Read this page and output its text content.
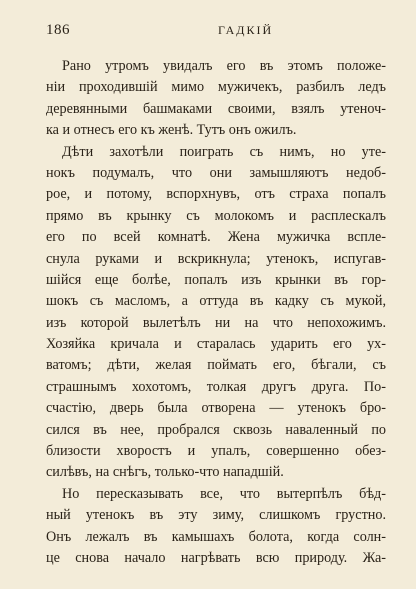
186	ГАДКІЙ
Рано утромъ увидалъ его въ этомъ положе-
ніи проходившій мимо мужичекъ, разбилъ ледъ
деревянными башмаками своими, взялъ утеноч-
ка и отнесъ его къ женѣ. Тутъ онъ ожилъ.
Дѣти захотѣли поиграть съ нимъ, но утe-
нокъ подумалъ, что они замышляютъ недоб-
рое, и потому, вспорхнувъ, отъ страха попалъ
прямо въ крынку съ молокомъ и расплескалъ
его по всей комнатѣ. Жена мужичка всплe-
снула руками и вскрикнула; утенокъ, испугав-
шійся еще болѣе, попалъ изъ крынки въ гор-
шокъ съ масломъ, а оттуда въ кадку съ мукой,
изъ которой вылетѣлъ ни на что непохожимъ.
Хозяйка кричала и старалась ударить его ух-
ватомъ; дѣти, желая поймать его, бѣгали, съ
страшнымъ хохотомъ, толкая другъ друга. По-
счастію, дверь была отворена — утенокъ бро-
сился въ нее, пробрался сквозь наваленный по
близости хворостъ и упалъ, совершенно обез-
силѣвъ, на снѣгъ, только-что нападшій.
Но пересказывать все, что вытерпѣлъ бѣд-
ный утенокъ въ эту зиму, слишкомъ грустно.
Онъ лежалъ въ камышахъ болота, когда солн-
це снова начало нагрѣвать всю природу. Жа-
